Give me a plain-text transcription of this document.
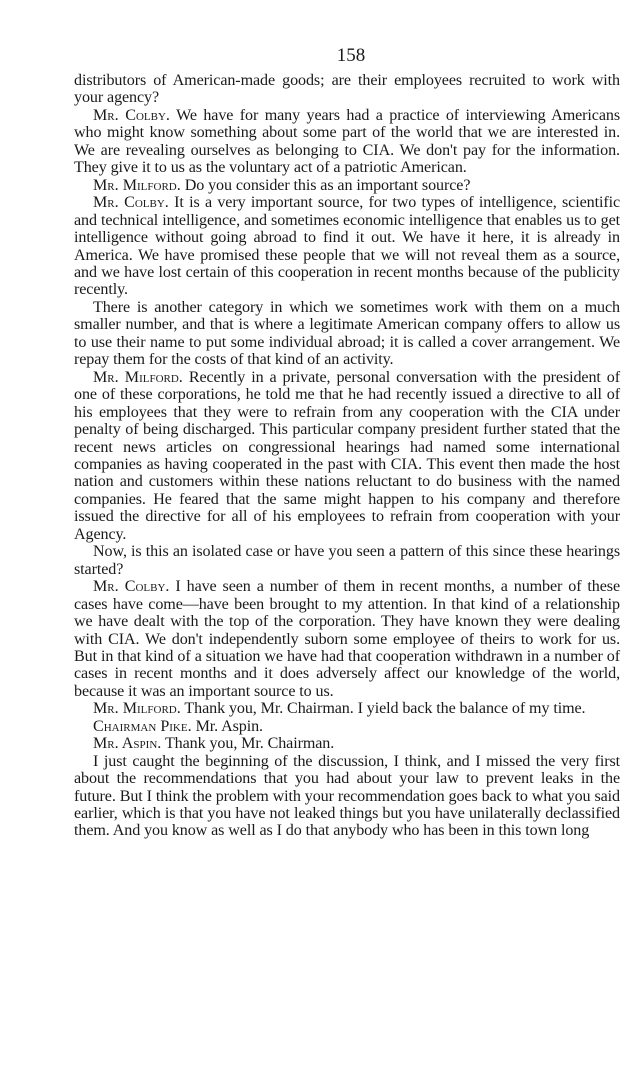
158

distributors of American-made goods; are their employees recruited to work with your agency?

Mr. Colby. We have for many years had a practice of interviewing Americans who might know something about some part of the world that we are interested in. We are revealing ourselves as belonging to CIA. We don't pay for the information. They give it to us as the voluntary act of a patriotic American.

Mr. Milford. Do you consider this as an important source?

Mr. Colby. It is a very important source, for two types of intelligence, scientific and technical intelligence, and sometimes economic intelligence that enables us to get intelligence without going abroad to find it out. We have it here, it is already in America. We have promised these people that we will not reveal them as a source, and we have lost certain of this cooperation in recent months because of the publicity recently.

There is another category in which we sometimes work with them on a much smaller number, and that is where a legitimate American company offers to allow us to use their name to put some individual abroad; it is called a cover arrangement. We repay them for the costs of that kind of an activity.

Mr. Milford. Recently in a private, personal conversation with the president of one of these corporations, he told me that he had recently issued a directive to all of his employees that they were to refrain from any cooperation with the CIA under penalty of being discharged. This particular company president further stated that the recent news articles on congressional hearings had named some international companies as having cooperated in the past with CIA. This event then made the host nation and customers within these nations reluctant to do business with the named companies. He feared that the same might happen to his company and therefore issued the directive for all of his employees to refrain from cooperation with your Agency.

Now, is this an isolated case or have you seen a pattern of this since these hearings started?

Mr. Colby. I have seen a number of them in recent months, a number of these cases have come—have been brought to my attention. In that kind of a relationship we have dealt with the top of the corporation. They have known they were dealing with CIA. We don't independently suborn some employee of theirs to work for us. But in that kind of a situation we have had that cooperation withdrawn in a number of cases in recent months and it does adversely affect our knowledge of the world, because it was an important source to us.

Mr. Milford. Thank you, Mr. Chairman. I yield back the balance of my time.

Chairman Pike. Mr. Aspin.

Mr. Aspin. Thank you, Mr. Chairman.

I just caught the beginning of the discussion, I think, and I missed the very first about the recommendations that you had about your law to prevent leaks in the future. But I think the problem with your recommendation goes back to what you said earlier, which is that you have not leaked things but you have unilaterally declassified them. And you know as well as I do that anybody who has been in this town long
